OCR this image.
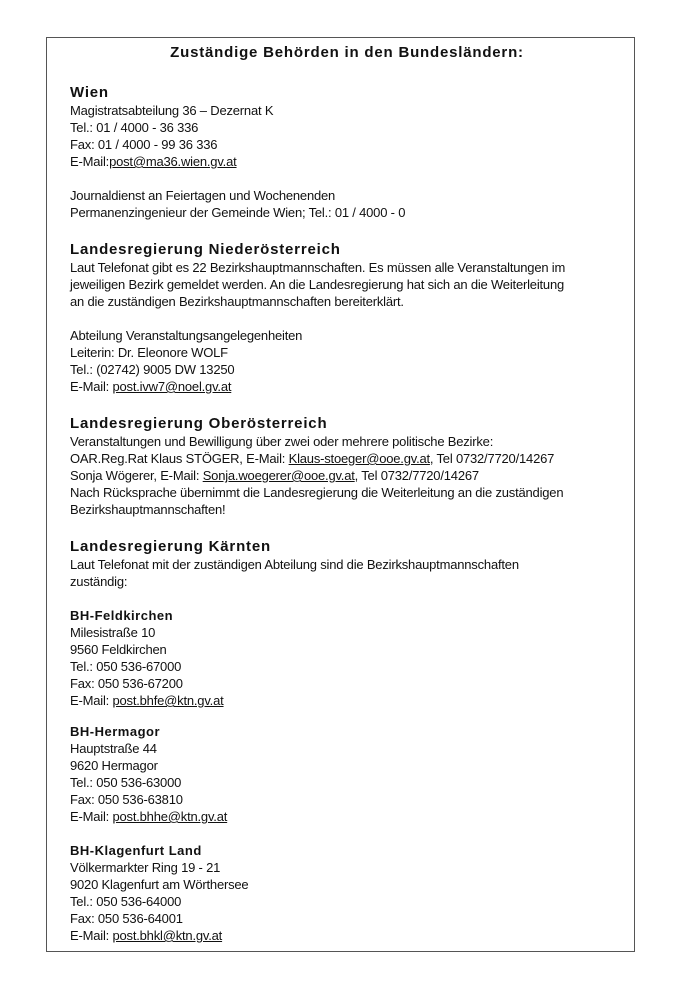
Zuständige Behörden in den Bundesländern:

Wien

Magistratsabteilung 36 – Dezernat K

Tel.: 01 / 4000 - 36 336

Fax: 01 / 4000 - 99 36 336

E-Mail:post@ma36.wien.gv.at

Journaldienst an Feiertagen und Wochenenden

Permanenzingenieur der Gemeinde Wien; Tel.: 01 / 4000 - 0

Landesregierung Niederösterreich

Laut Telefonat gibt es 22 Bezirkshauptmannschaften. Es müssen alle Veranstaltungen im

jeweiligen Bezirk gemeldet werden. An die Landesregierung hat sich an die Weiterleitung

an die zuständigen Bezirkshauptmannschaften bereiterklärt.

Abteilung Veranstaltungsangelegenheiten

Leiterin: Dr. Eleonore WOLF

Tel.: (02742) 9005 DW 13250

E-Mail: post.ivw7@noel.gv.at

Landesregierung Oberösterreich

Veranstaltungen und Bewilligung über zwei oder mehrere politische Bezirke:

OAR.Reg.Rat Klaus STÖGER, E-Mail: Klaus-stoeger@ooe.gv.at, Tel 0732/7720/14267

Sonja Wögerer, E-Mail: Sonja.woegerer@ooe.gv.at, Tel 0732/7720/14267

Nach Rücksprache übernimmt die Landesregierung die Weiterleitung an die zuständigen

Bezirkshauptmannschaften!

Landesregierung Kärnten

Laut Telefonat mit der zuständigen Abteilung sind die Bezirkshauptmannschaften

zuständig:

BH-Feldkirchen

Milesistraße 10

9560 Feldkirchen

Tel.: 050 536-67000

Fax: 050 536-67200

E-Mail: post.bhfe@ktn.gv.at

BH-Hermagor

Hauptstraße 44

9620 Hermagor

Tel.: 050 536-63000

Fax: 050 536-63810

E-Mail: post.bhhe@ktn.gv.at

BH-Klagenfurt Land

Völkermarkter Ring 19 - 21

9020 Klagenfurt am Wörthersee

Tel.: 050 536-64000

Fax: 050 536-64001

E-Mail: post.bhkl@ktn.gv.at
